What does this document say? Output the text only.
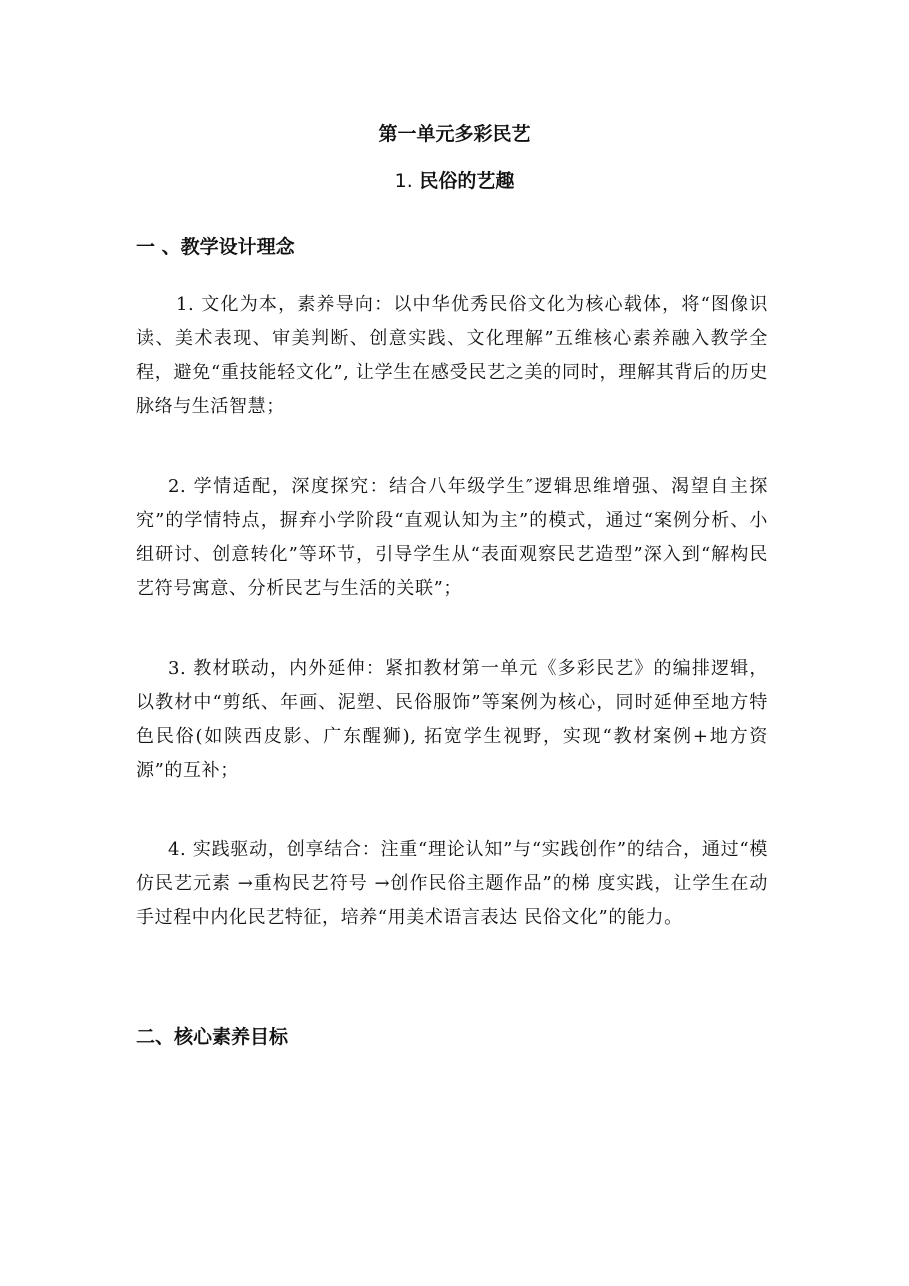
第一单元多彩民艺
1. 民俗的艺趣
一 、教学设计理念

1. 文化为本，素养导向：以中华优秀民俗文化为核心载体，将“图像识读、美术表现、审美判断、创意实践、文化理解”五维核心素养融入教学全程，避免“重技能轻文化”, 让学生在感受民艺之美的同时，理解其背后的历史脉络与生活智慧；

2. 学情适配，深度探究：结合八年级学生″逻辑思维增强、渴望自主探究”的学情特点，摒弃小学阶段“直观认知为主”的模式，通过“案例分析、小组研讨、创意转化”等环节，引导学生从“表面观察民艺造型”深入到“解构民艺符号寓意、分析民艺与生活的关联”；

3. 教材联动，内外延伸：紧扣教材第一单元《多彩民艺》的编排逻辑，以教材中“剪纸、年画、泥塑、民俗服饰”等案例为核心，同时延伸至地方特色民俗(如陕西皮影、广东醒狮), 拓宽学生视野，实现“教材案例+地方资源”的互补；

4. 实践驱动，创享结合：注重“理论认知”与“实践创作”的结合，通过“模仿民艺元素 →重构民艺符号 →创作民俗主题作品”的梯 度实践，让学生在动手过程中内化民艺特征，培养“用美术语言表达 民俗文化”的能力。

二、核心素养目标
